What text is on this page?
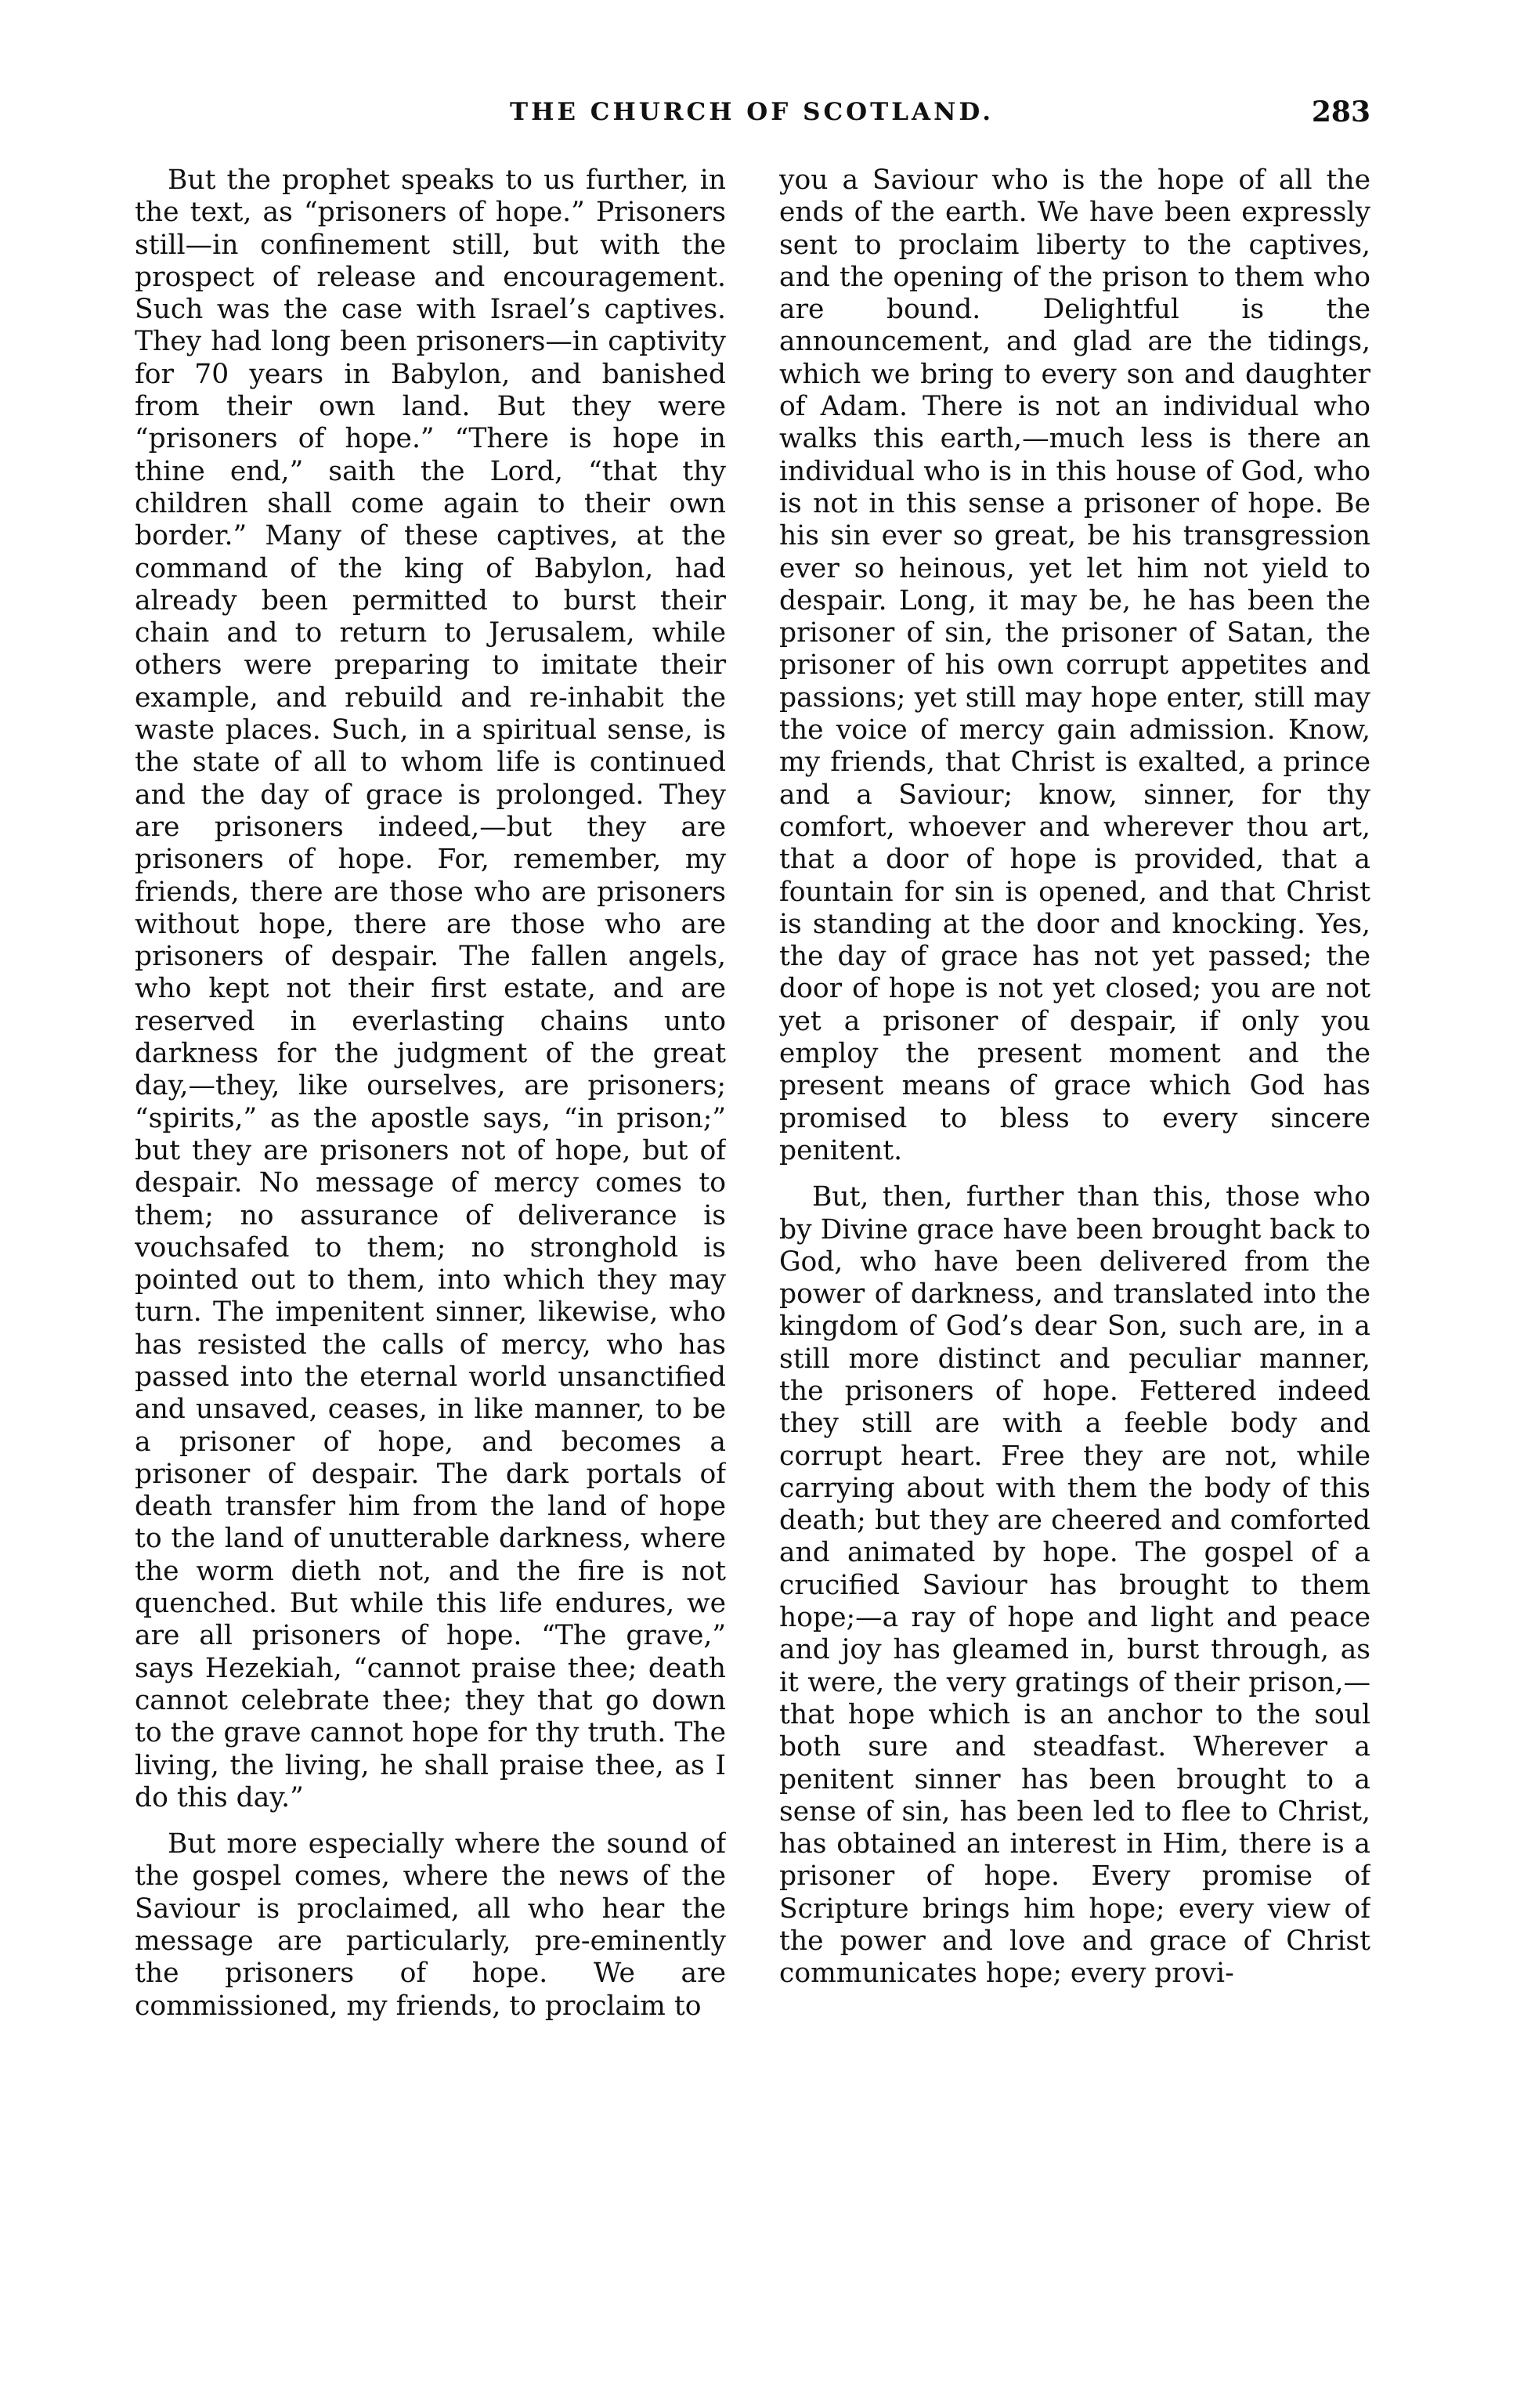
THE CHURCH OF SCOTLAND.	283

But the prophet speaks to us further, in the text, as “prisoners of hope.” Prisoners still—in confinement still, but with the prospect of release and encouragement. Such was the case with Israel’s captives. They had long been prisoners—in captivity for 70 years in Babylon, and banished from their own land. But they were “prisoners of hope.” “There is hope in thine end,” saith the Lord, “that thy children shall come again to their own border.” Many of these captives, at the command of the king of Babylon, had already been permitted to burst their chain and to return to Jerusalem, while others were preparing to imitate their example, and rebuild and re-inhabit the waste places. Such, in a spiritual sense, is the state of all to whom life is continued and the day of grace is prolonged. They are prisoners indeed,—but they are prisoners of hope. For, remember, my friends, there are those who are prisoners without hope, there are those who are prisoners of despair. The fallen angels, who kept not their first estate, and are reserved in everlasting chains unto darkness for the judgment of the great day,—they, like ourselves, are prisoners; “spirits,” as the apostle says, “in prison;” but they are prisoners not of hope, but of despair. No message of mercy comes to them; no assurance of deliverance is vouchsafed to them; no stronghold is pointed out to them, into which they may turn. The impenitent sinner, likewise, who has resisted the calls of mercy, who has passed into the eternal world unsanctified and unsaved, ceases, in like manner, to be a prisoner of hope, and becomes a prisoner of despair. The dark portals of death transfer him from the land of hope to the land of unutterable darkness, where the worm dieth not, and the fire is not quenched. But while this life endures, we are all prisoners of hope. “The grave,” says Hezekiah, “cannot praise thee; death cannot celebrate thee; they that go down to the grave cannot hope for thy truth. The living, the living, he shall praise thee, as I do this day.”

But more especially where the sound of the gospel comes, where the news of the Saviour is proclaimed, all who hear the message are particularly, pre-eminently the prisoners of hope. We are commissioned, my friends, to proclaim to

you a Saviour who is the hope of all the ends of the earth. We have been expressly sent to proclaim liberty to the captives, and the opening of the prison to them who are bound. Delightful is the announcement, and glad are the tidings, which we bring to every son and daughter of Adam. There is not an individual who walks this earth,—much less is there an individual who is in this house of God, who is not in this sense a prisoner of hope. Be his sin ever so great, be his transgression ever so heinous, yet let him not yield to despair. Long, it may be, he has been the prisoner of sin, the prisoner of Satan, the prisoner of his own corrupt appetites and passions; yet still may hope enter, still may the voice of mercy gain admission. Know, my friends, that Christ is exalted, a prince and a Saviour; know, sinner, for thy comfort, whoever and wherever thou art, that a door of hope is provided, that a fountain for sin is opened, and that Christ is standing at the door and knocking. Yes, the day of grace has not yet passed; the door of hope is not yet closed; you are not yet a prisoner of despair, if only you employ the present moment and the present means of grace which God has promised to bless to every sincere penitent.

But, then, further than this, those who by Divine grace have been brought back to God, who have been delivered from the power of darkness, and translated into the kingdom of God’s dear Son, such are, in a still more distinct and peculiar manner, the prisoners of hope. Fettered indeed they still are with a feeble body and corrupt heart. Free they are not, while carrying about with them the body of this death; but they are cheered and comforted and animated by hope. The gospel of a crucified Saviour has brought to them hope;—a ray of hope and light and peace and joy has gleamed in, burst through, as it were, the very gratings of their prison,—that hope which is an anchor to the soul both sure and steadfast. Wherever a penitent sinner has been brought to a sense of sin, has been led to flee to Christ, has obtained an interest in Him, there is a prisoner of hope. Every promise of Scripture brings him hope; every view of the power and love and grace of Christ communicates hope; every provi-
